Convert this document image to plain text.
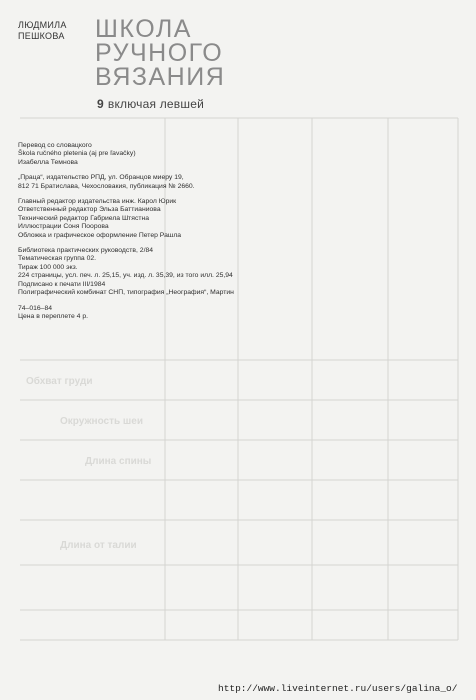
Обхват груди
Окружность шеи
Длина спины
Длина от талии
ЛЮДМИЛА
ПЕШКОВА ШКОЛА
РУЧНОГО
ВЯЗАНИЯ
9 включая левшей

Перевод со словацкого

Škola ručného pletenia (aj pre ľavačky)

Изабелла Темнова

„Праца“, издательство РПД, ул. Обранцов миеру 19,

812 71 Братислава, Чехословакия, публикация № 2660.

Главный редактор издательства инж. Карол Юрик

Ответственный редактор Эльза Баттианиова

Технический редактор Габриела Штястна

Иллюстрации Соня Поорова

Обложка и графическое оформление Петер Рашла

Библиотека практических руководств, 2/84

Тематическая группа 02.

Тираж 100 000 экз.

224 страницы, усл. печ. л. 25,15, уч. изд. л. 35,39, из того илл. 25,94

Подписано к печати III/1984

Полиграфический комбинат СНП, типография „Неография“, Мартин

74–016–84

Цена в переплете 4 р.

http://www.liveinternet.ru/users/galina_o/
